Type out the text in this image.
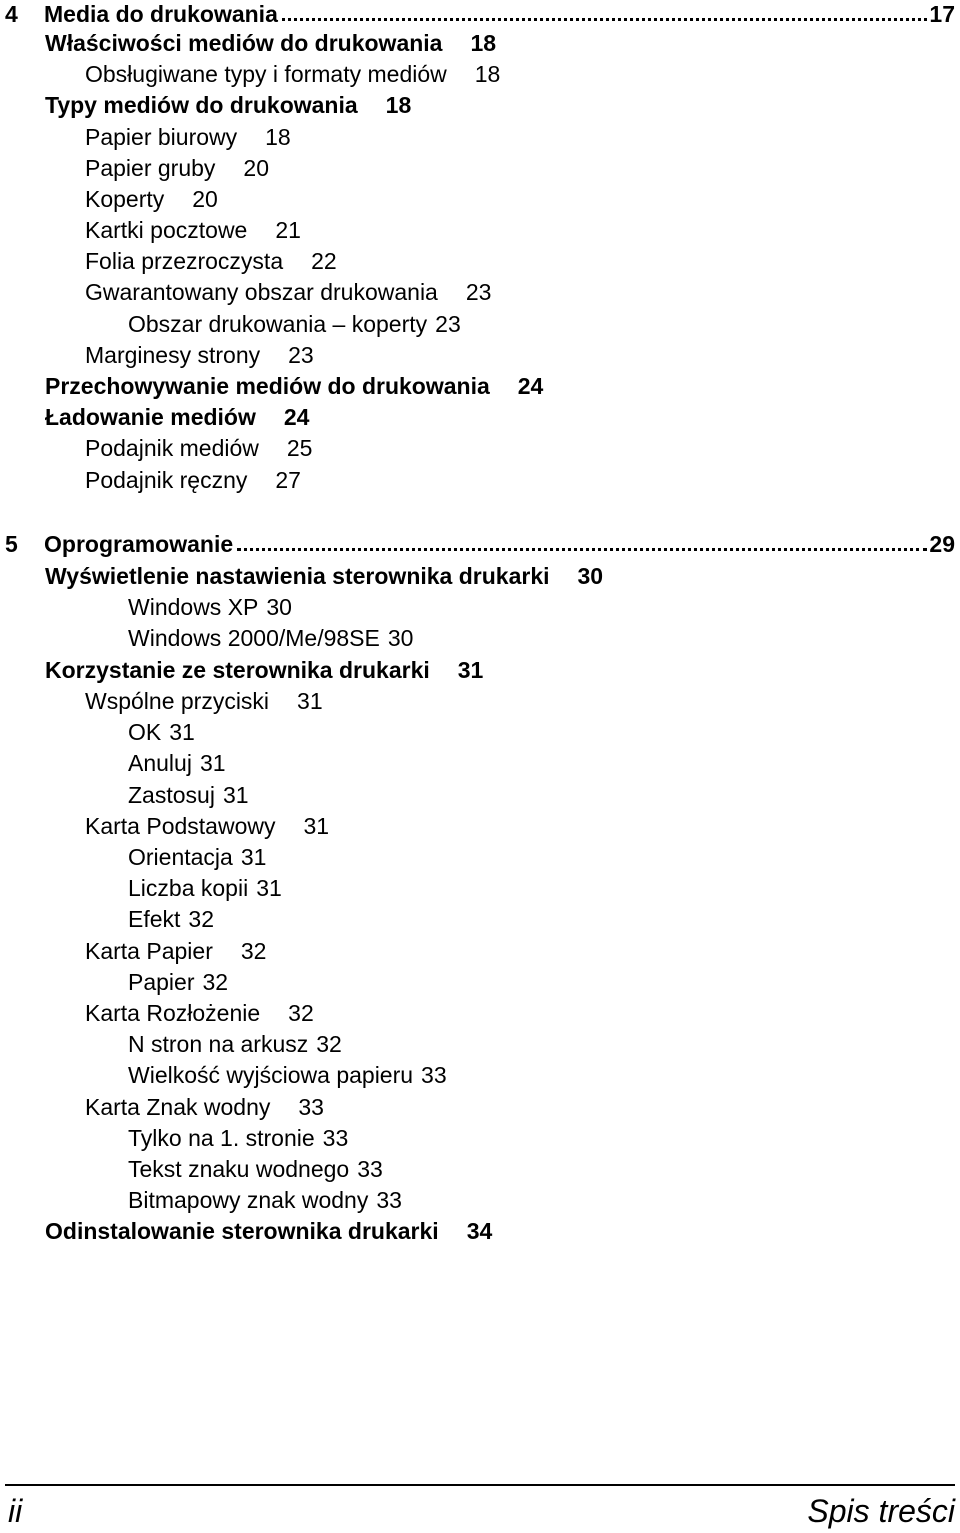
4	Media do drukowania	17
Właściwości mediów do drukowania 18
Obsługiwane typy i formaty mediów 18
Typy mediów do drukowania 18
Papier biurowy 18
Papier gruby 20
Koperty 20
Kartki pocztowe 21
Folia przezroczysta 22
Gwarantowany obszar drukowania 23
Obszar drukowania – koperty 23
Marginesy strony 23
Przechowywanie mediów do drukowania 24
Ładowanie mediów 24
Podajnik mediów 25
Podajnik ręczny 27
5	Oprogramowanie	29
Wyświetlenie nastawienia sterownika drukarki 30
Windows XP 30
Windows 2000/Me/98SE 30
Korzystanie ze sterownika drukarki 31
Wspólne przyciski 31
OK 31
Anuluj 31
Zastosuj 31
Karta Podstawowy 31
Orientacja 31
Liczba kopii 31
Efekt 32
Karta Papier 32
Papier 32
Karta Rozłożenie 32
N stron na arkusz 32
Wielkość wyjściowa papieru 33
Karta Znak wodny 33
Tylko na 1. stronie 33
Tekst znaku wodnego 33
Bitmapowy znak wodny 33
Odinstalowanie sterownika drukarki 34
ii	Spis treści
